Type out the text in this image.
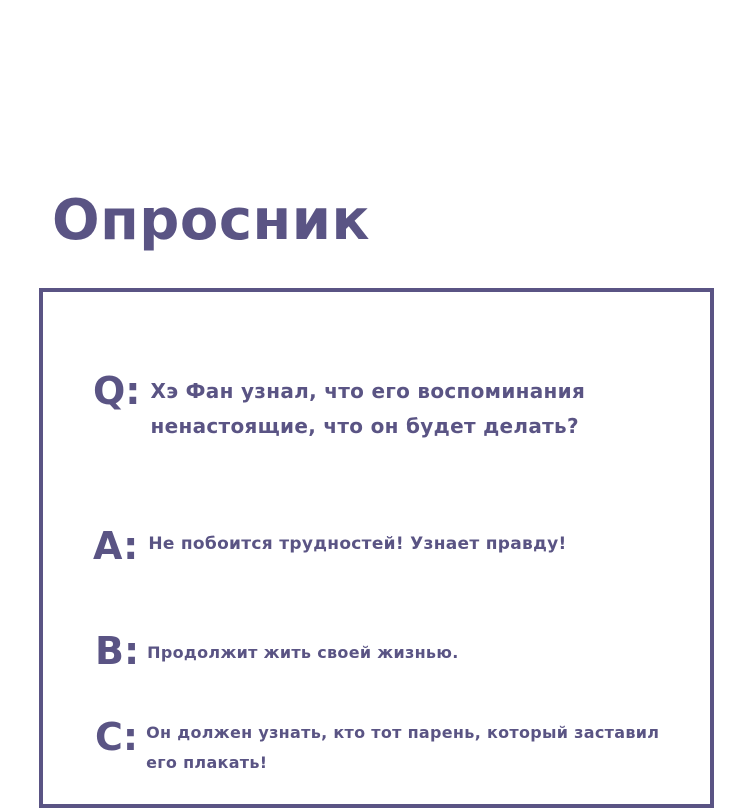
Опросник
Q: Хэ Фан узнал, что его воспоминания ненастоящие, что он будет делать?
A: Не побоится трудностей! Узнает правду!
B: Продолжит жить своей жизнью.
C: Он должен узнать, кто тот парень, который заставил его плакать!
